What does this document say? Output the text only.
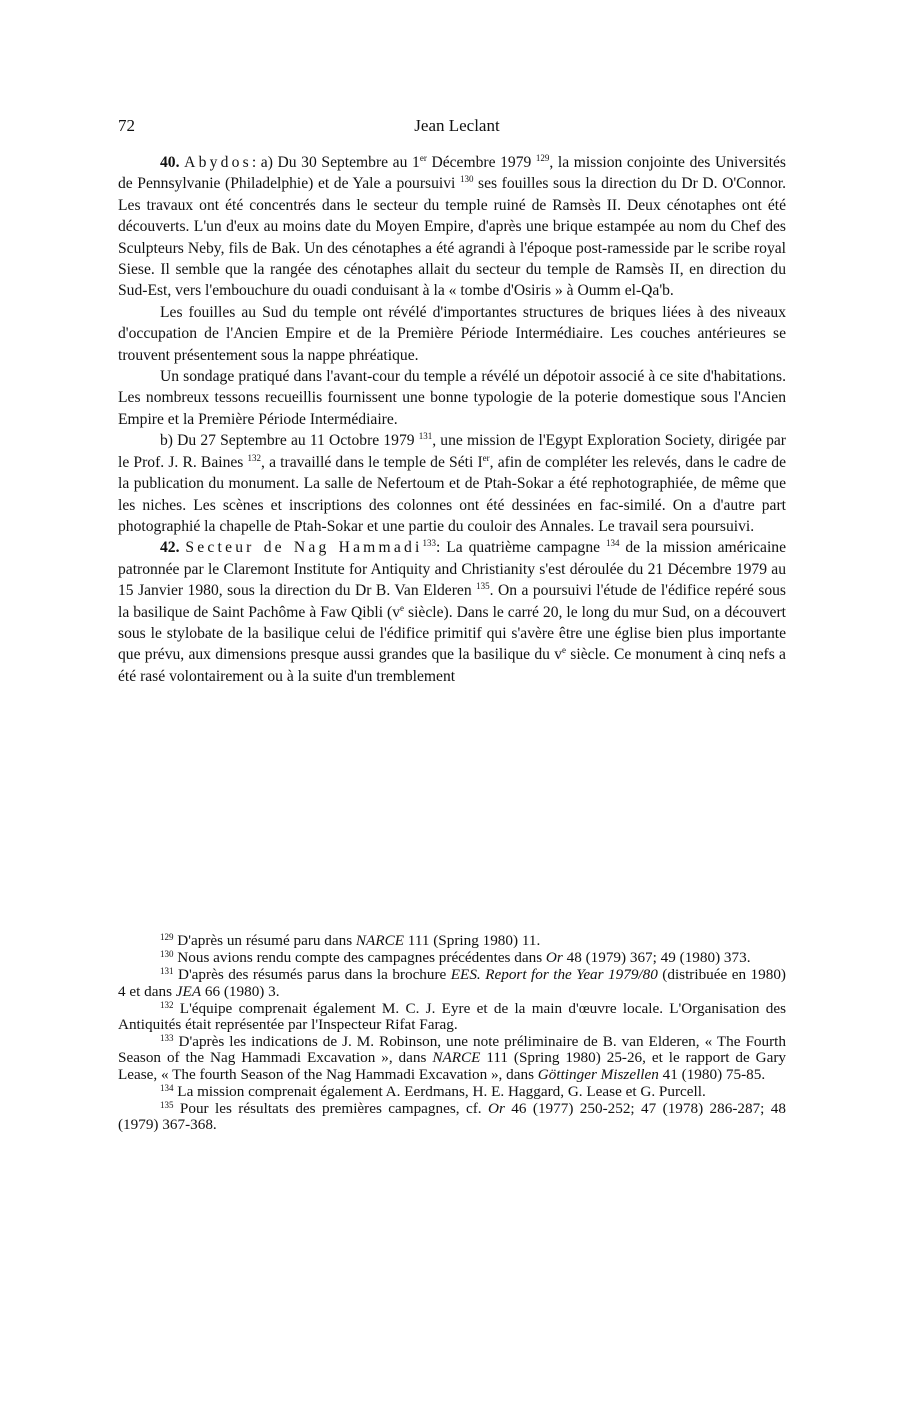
72	Jean Leclant

40. Abydos: a) Du 30 Septembre au 1er Décembre 1979 $^{129}$, la mission conjointe des Universités de Pennsylvanie (Philadelphie) et de Yale a poursuivi $^{130}$ ses fouilles sous la direction du Dr D. O'Connor. Les travaux ont été concentrés dans le secteur du temple ruiné de Ramsès II. Deux cénotaphes ont été découverts. L'un d'eux au moins date du Moyen Empire, d'après une brique estampée au nom du Chef des Sculpteurs Neby, fils de Bak. Un des cénotaphes a été agrandi à l'époque post-ramesside par le scribe royal Siese. Il semble que la rangée des cénotaphes allait du secteur du temple de Ramsès II, en direction du Sud-Est, vers l'embouchure du ouadi conduisant à la « tombe d'Osiris » à Oumm el-Qa'b.

Les fouilles au Sud du temple ont révélé d'importantes structures de briques liées à des niveaux d'occupation de l'Ancien Empire et de la Première Période Intermédiaire. Les couches antérieures se trouvent présentement sous la nappe phréatique.

Un sondage pratiqué dans l'avant-cour du temple a révélé un dépotoir associé à ce site d'habitations. Les nombreux tessons recueillis fournissent une bonne typologie de la poterie domestique sous l'Ancien Empire et la Première Période Intermédiaire.

b) Du 27 Septembre au 11 Octobre 1979 $^{131}$, une mission de l'Egypt Exploration Society, dirigée par le Prof. J. R. Baines $^{132}$, a travaillé dans le temple de Séti Ier, afin de compléter les relevés, dans le cadre de la publication du monument. La salle de Nefertoum et de Ptah-Sokar a été rephotographiée, de même que les niches. Les scènes et inscriptions des colonnes ont été dessinées en fac-similé. On a d'autre part photographié la chapelle de Ptah-Sokar et une partie du couloir des Annales. Le travail sera poursuivi.

42. Secteur de Nag Hammadi$^{133}$: La quatrième campagne $^{134}$ de la mission américaine patronnée par le Claremont Institute for Antiquity and Christianity s'est déroulée du 21 Décembre 1979 au 15 Janvier 1980, sous la direction du Dr B. Van Elderen $^{135}$. On a poursuivi l'étude de l'édifice repéré sous la basilique de Saint Pachôme à Faw Qibli ($v^e$ siècle). Dans le carré 20, le long du mur Sud, on a découvert sous le stylobate de la basilique celui de l'édifice primitif qui s'avère être une église bien plus importante que prévu, aux dimensions presque aussi grandes que la basilique du $v^e$ siècle. Ce monument à cinq nefs a été rasé volontairement ou à la suite d'un tremblement

$^{129}$ D'après un résumé paru dans NARCE 111 (Spring 1980) 11.

$^{130}$ Nous avions rendu compte des campagnes précédentes dans Or 48 (1979) 367; 49 (1980) 373.

$^{131}$ D'après des résumés parus dans la brochure EES. Report for the Year 1979/80 (distribuée en 1980) 4 et dans JEA 66 (1980) 3.

$^{132}$ L'équipe comprenait également M. C. J. Eyre et de la main d'œuvre locale. L'Organisation des Antiquités était représentée par l'Inspecteur Rifat Farag.

$^{133}$ D'après les indications de J. M. Robinson, une note préliminaire de B. van Elderen, « The Fourth Season of the Nag Hammadi Excavation », dans NARCE 111 (Spring 1980) 25-26, et le rapport de Gary Lease, « The fourth Season of the Nag Hammadi Excavation », dans Göttinger Miszellen 41 (1980) 75-85.

$^{134}$ La mission comprenait également A. Eerdmans, H. E. Haggard, G. Lease et G. Purcell.

$^{135}$ Pour les résultats des premières campagnes, cf. Or 46 (1977) 250-252; 47 (1978) 286-287; 48 (1979) 367-368.
